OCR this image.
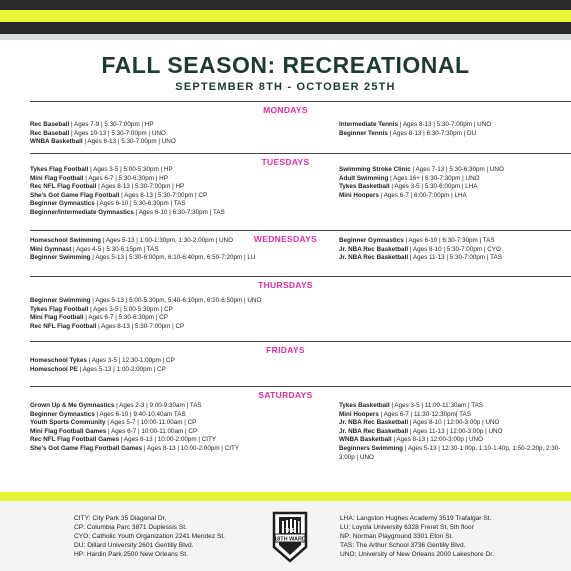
FALL SEASON: RECREATIONAL
SEPTEMBER 8TH - OCTOBER 25TH
MONDAYS
Rec Baseball | Ages 7-9 | 5:30-7:00pm | HP
Rec Baseball | Ages 10-13 | 5:30-7:00pm | UNO
WNBA Basketball | Ages 8-13 | 5:30-7:00pm | UNO
Intermediate Tennis | Ages 8-13 | 5:30-7:00pm | UNO
Beginner Tennis | Ages 8-13 | 6:30-7:30pm | DU
TUESDAYS
Tykes Flag Football | Ages 3-5 | 5:00-5:30pm | HP
Mini Flag Football | Ages 6-7 | 5:30-6:30pm | HP
Rec NFL Flag Football | Ages 8-13 | 5:30-7:00pm | HP
She's Got Game Flag Football | Ages 8-13 | 5:30-7:00pm | CP
Beginner Gymnastics | Ages 6-10 | 5:30-6:30pm | TAS
Beginner/Intermediate Gymnastics | Ages 6-10 | 6:30-7:30pm | TAS
Swimming Stroke Clinic | Ages 7-13 | 5:30-6:30pm | UNO
Adult Swimming | Ages 16+ | 6:30-7:30pm | UNO
Tykes Basketball | Ages 3-5 | 5:30-6:00pm | LHA
Mini Hoopers | Ages 6-7 | 6:00-7:00pm | LHA
WEDNESDAYS
Homeschool Swimming | Ages 5-13 | 1:00-1:30pm, 1:30-2:00pm | UNO
Mini Gymnast | Ages 4-5 | 5:30-6:15pm | TAS
Beginner Swimming | Ages 5-13 | 5:30-6:00pm, 6:10-6:40pm, 6:50-7:20pm | LU
Beginner Gymnastics | Ages 6-10 | 6:30-7:30pm | TAS
Jr. NBA Rec Basketball | Ages 8-10 | 5:30-7:00pm | CYO
Jr. NBA Rec Basketball | Ages 11-13 | 5:30-7:00pm | TAS
THURSDAYS
Beginner Swimming | Ages 5-13 | 5:00-5:30pm, 5:40-6:10pm, 6:20-6:50pm | UNO
Tykes Flag Football | Ages 3-5 | 5:00-5:30pm | CP
Mini Flag Football | Ages 6-7 | 5:30-6:30pm | CP
Rec NFL Flag Football | Ages 8-13 | 5:30-7:00pm | CP
FRIDAYS
Homeschool Tykes | Ages 3-5 | 12:30-1:00pm | CP
Homeschool PE | Ages 5-13 | 1:00-2:00pm | CP
SATURDAYS
Grown Up & Me Gymnastics | Ages 2-3 | 9:00-9:30am | TAS
Beginner Gymnastics | Ages 6-10 | 9:40-10:40am TAS
Youth Sports Community | Ages 5-7 | 10:00-11:00am | CP
Mini Flag Football Games | Ages 6-7 | 10:00-11:00am | CP
Rec NFL Flag Football Games | Ages 8-13 | 10:00-2:00pm | CITY
She's Got Game Flag Football Games | Ages 8-13 | 10:00-2:00pm | CITY
Tykes Basketball | Ages 3-5 | 11:00-11:30am | TAS
Mini Hoopers | Ages 6-7 | 11:30-12:30pm| TAS
Jr. NBA Rec Basketball | Ages 8-10 | 12:00-3:00p | UNO
Jr. NBA Rec Basketball | Ages 11-13 | 12:00-3:00p | UNO
WNBA Basketball | Ages 8-13 | 12:00-3:00p | UNO
Beginners Swimming | Ages 5-13 | 12:30-1:00p, 1:10-1:40p, 1:50-2:20p, 2:30-3:00p | UNO
CITY: City Park 35 Diagonal Dr,
CP: Columbia Parc 3871 Duplessis St.
CYO: Catholic Youth Organization 2241 Mendez St.
DU: Dillard University 2601 Gentilly Blvd.
HP: Hardin Park 2500 New Orleans St.
THE
18TH WARD
LHA: Langston Hughes Academy 3519 Trafalgar St.
LU: Loyola University 6328 Freret St, 5th floor
NP: Norman Playground 3301 Eton St.
TAS: The Arthur School 3736 Gentilly Blvd.
UNO: University of New Orleans 2000 Lakeshore Dr.
